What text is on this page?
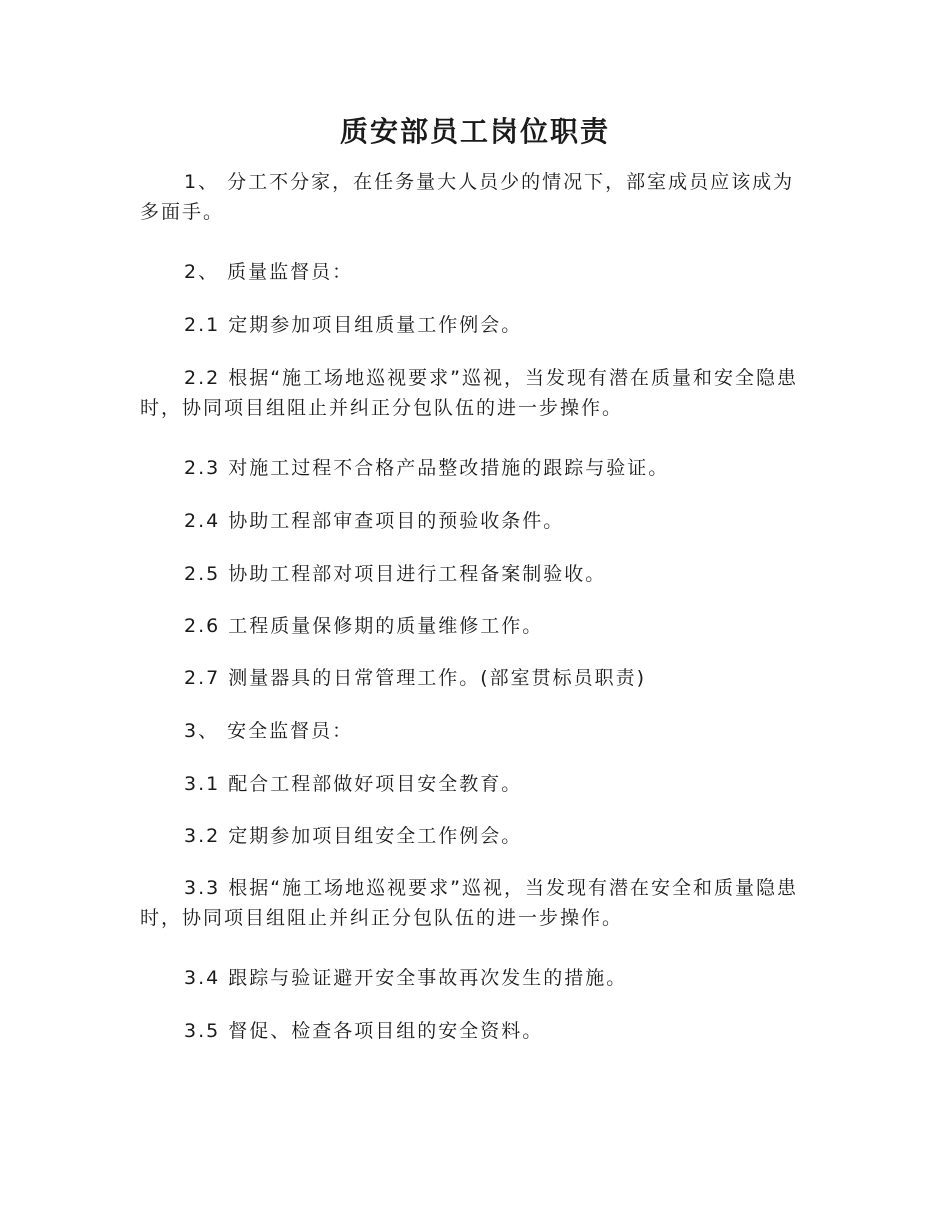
质安部员工岗位职责

1、 分工不分家，在任务量大人员少的情况下，部室成员应该成为多面手。

2、 质量监督员：

2.1 定期参加项目组质量工作例会。

2.2 根据“施工场地巡视要求”巡视，当发现有潜在质量和安全隐患时，协同项目组阻止并纠正分包队伍的进一步操作。

2.3 对施工过程不合格产品整改措施的跟踪与验证。

2.4 协助工程部审查项目的预验收条件。

2.5 协助工程部对项目进行工程备案制验收。

2.6 工程质量保修期的质量维修工作。

2.7 测量器具的日常管理工作。(部室贯标员职责)

3、 安全监督员：

3.1 配合工程部做好项目安全教育。

3.2 定期参加项目组安全工作例会。

3.3 根据“施工场地巡视要求”巡视，当发现有潜在安全和质量隐患时，协同项目组阻止并纠正分包队伍的进一步操作。

3.4 跟踪与验证避开安全事故再次发生的措施。

3.5 督促、检查各项目组的安全资料。
